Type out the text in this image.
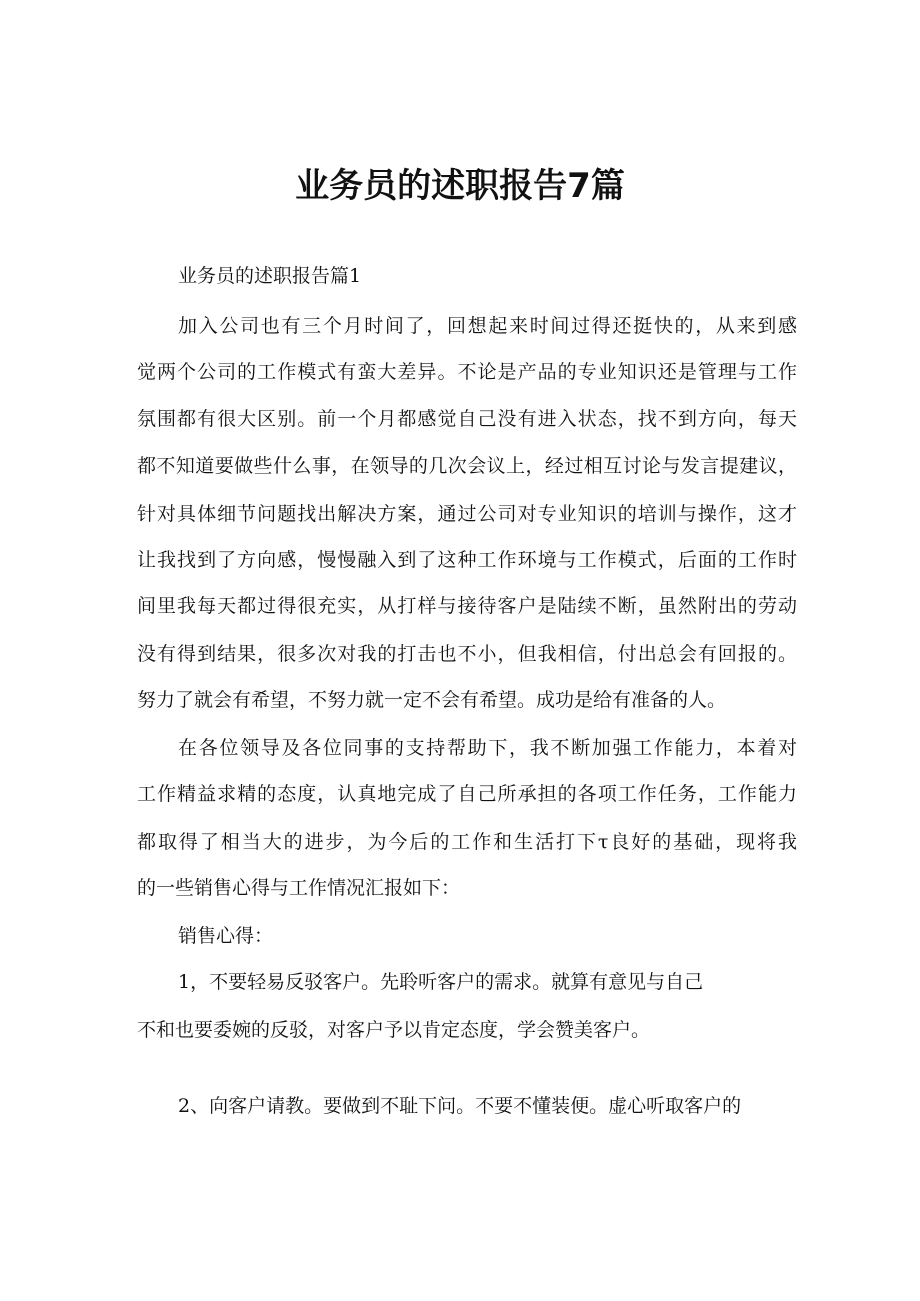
业务员的述职报告7篇
业务员的述职报告篇1
加入公司也有三个月时间了，回想起来时间过得还挺快的，从来到感
觉两个公司的工作模式有蛮大差异。不论是产品的专业知识还是管理与工作
氛围都有很大区别。前一个月都感觉自己没有进入状态，找不到方向，每天
都不知道要做些什么事，在领导的几次会议上，经过相互讨论与发言提建议，
针对具体细节问题找出解决方案，通过公司对专业知识的培训与操作，这才
让我找到了方向感，慢慢融入到了这种工作环境与工作模式，后面的工作时
间里我每天都过得很充实，从打样与接待客户是陆续不断，虽然附出的劳动
没有得到结果，很多次对我的打击也不小，但我相信，付出总会有回报的。
努力了就会有希望，不努力就一定不会有希望。成功是给有准备的人。
在各位领导及各位同事的支持帮助下，我不断加强工作能力，本着对
工作精益求精的态度，认真地完成了自己所承担的各项工作任务，工作能力
都取得了相当大的进步，为今后的工作和生活打下τ良好的基础，现将我
的一些销售心得与工作情况汇报如下：
销售心得：
1，不要轻易反驳客户。先聆听客户的需求。就算有意见与自己
不和也要委婉的反驳，对客户予以肯定态度，学会赞美客户。
2、向客户请教。要做到不耻下问。不要不懂装便。虚心听取客户的
